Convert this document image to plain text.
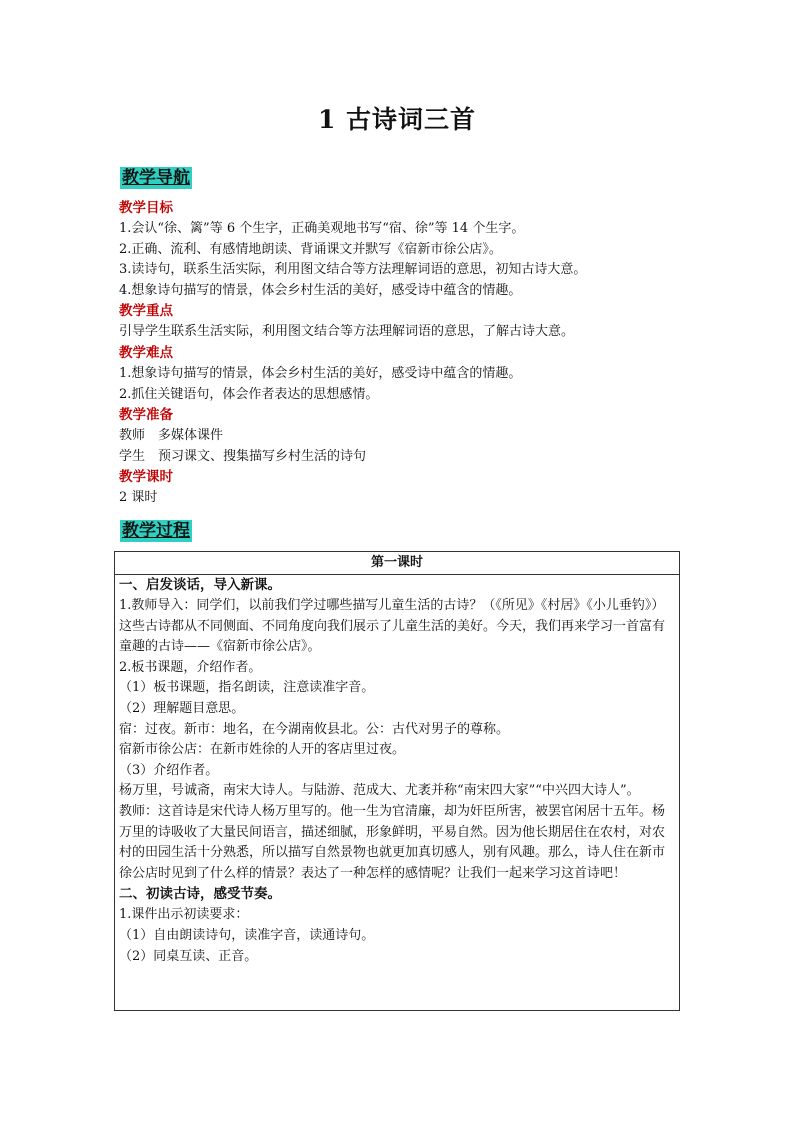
1 古诗词三首
教学导航
教学目标
1.会认“徐、篱”等 6 个生字，正确美观地书写“宿、徐”等 14 个生字。
2.正确、流利、有感情地朗读、背诵课文并默写《宿新市徐公店》。
3.读诗句，联系生活实际，利用图文结合等方法理解词语的意思，初知古诗大意。
4.想象诗句描写的情景，体会乡村生活的美好，感受诗中蕴含的情趣。
教学重点
引导学生联系生活实际，利用图文结合等方法理解词语的意思，了解古诗大意。
教学难点
1.想象诗句描写的情景，体会乡村生活的美好，感受诗中蕴含的情趣。
2.抓住关键语句，体会作者表达的思想感情。
教学准备
教师　多媒体课件
学生　预习课文、搜集描写乡村生活的诗句
教学课时
2 课时
教学过程
第一课时
一、启发谈话，导入新课。
1.教师导入：同学们，以前我们学过哪些描写儿童生活的古诗？（《所见》《村居》《小儿垂钓》）这些古诗都从不同侧面、不同角度向我们展示了儿童生活的美好。今天，我们再来学习一首富有童趣的古诗——《宿新市徐公店》。
2.板书课题，介绍作者。
（1）板书课题，指名朗读，注意读准字音。
（2）理解题目意思。
宿：过夜。新市：地名，在今湖南攸县北。公：古代对男子的尊称。
宿新市徐公店：在新市姓徐的人开的客店里过夜。
（3）介绍作者。
杨万里，号诚斋，南宋大诗人。与陆游、范成大、尤袤并称“南宋四大家”“中兴四大诗人”。
教师：这首诗是宋代诗人杨万里写的。他一生为官清廉，却为奸臣所害，被罢官闲居十五年。杨万里的诗吸收了大量民间语言，描述细腻，形象鲜明，平易自然。因为他长期居住在农村，对农村的田园生活十分熟悉，所以描写自然景物也就更加真切感人，别有风趣。那么，诗人住在新市徐公店时见到了什么样的情景？表达了一种怎样的感情呢？让我们一起来学习这首诗吧！
二、初读古诗，感受节奏。
1.课件出示初读要求：
（1）自由朗读诗句，读准字音，读通诗句。
（2）同桌互读、正音。
